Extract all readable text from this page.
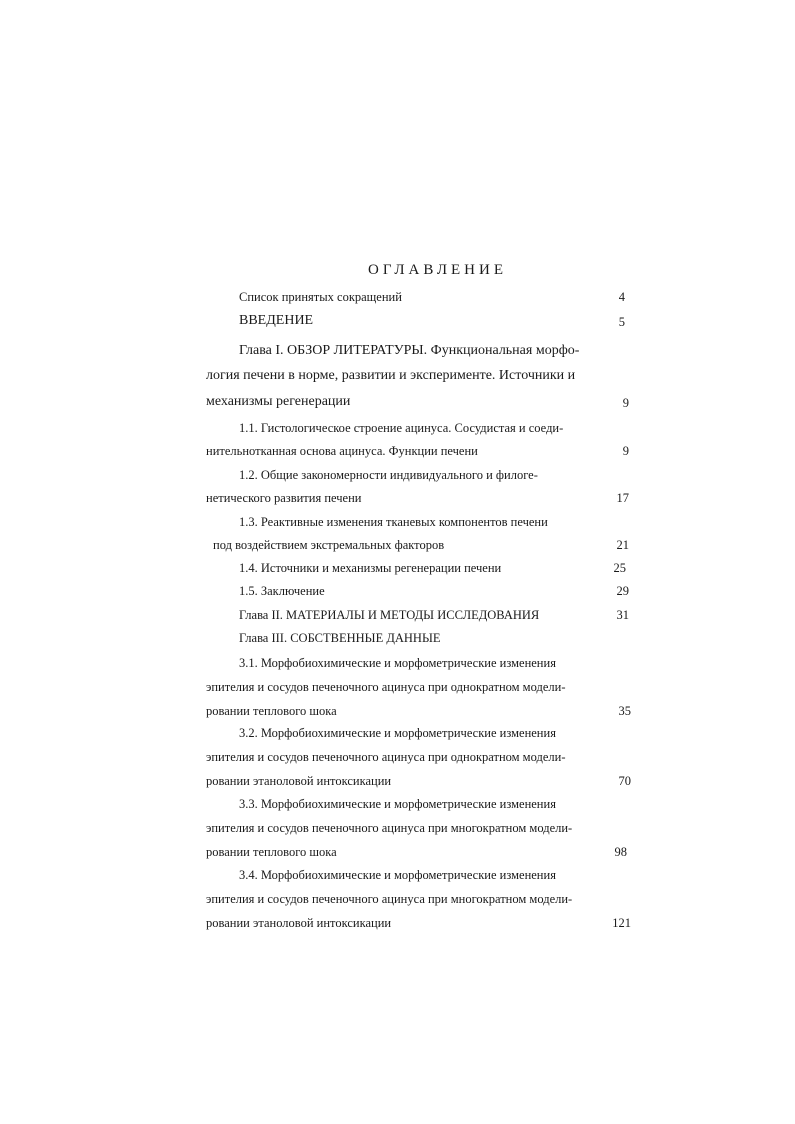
ОГЛАВЛЕНИЕ
Список принятых сокращений	4
ВВЕДЕНИЕ	5
Глава I. ОБЗОР ЛИТЕРАТУРЫ. Функциональная морфо-
логия печени в норме, развитии и эксперименте. Источники и
механизмы регенерации	9
1.1. Гистологическое строение ацинуса. Сосудистая и соеди-
нительнотканная основа ацинуса. Функции печени	9
1.2. Общие закономерности индивидуального и филоге-
нетического развития печени	17
1.3. Реактивные изменения тканевых компонентов печени
под воздействием экстремальных факторов	21
1.4. Источники и механизмы регенерации печени	25
1.5. Заключение	29
Глава II. МАТЕРИАЛЫ И МЕТОДЫ ИССЛЕДОВАНИЯ	31
Глава III. СОБСТВЕННЫЕ ДАННЫЕ
3.1. Морфобиохимические и морфометрические изменения
эпителия и сосудов печеночного ацинуса при однократном модели-
ровании теплового шока	35
3.2. Морфобиохимические и морфометрические изменения
эпителия и сосудов печеночного ацинуса при однократном модели-
ровании этаноловой интоксикации	70
3.3. Морфобиохимические и морфометрические изменения
эпителия и сосудов печеночного ацинуса при многократном модели-
ровании теплового шока	98
3.4. Морфобиохимические и морфометрические изменения
эпителия и сосудов печеночного ацинуса при многократном модели-
ровании этаноловой интоксикации	121
